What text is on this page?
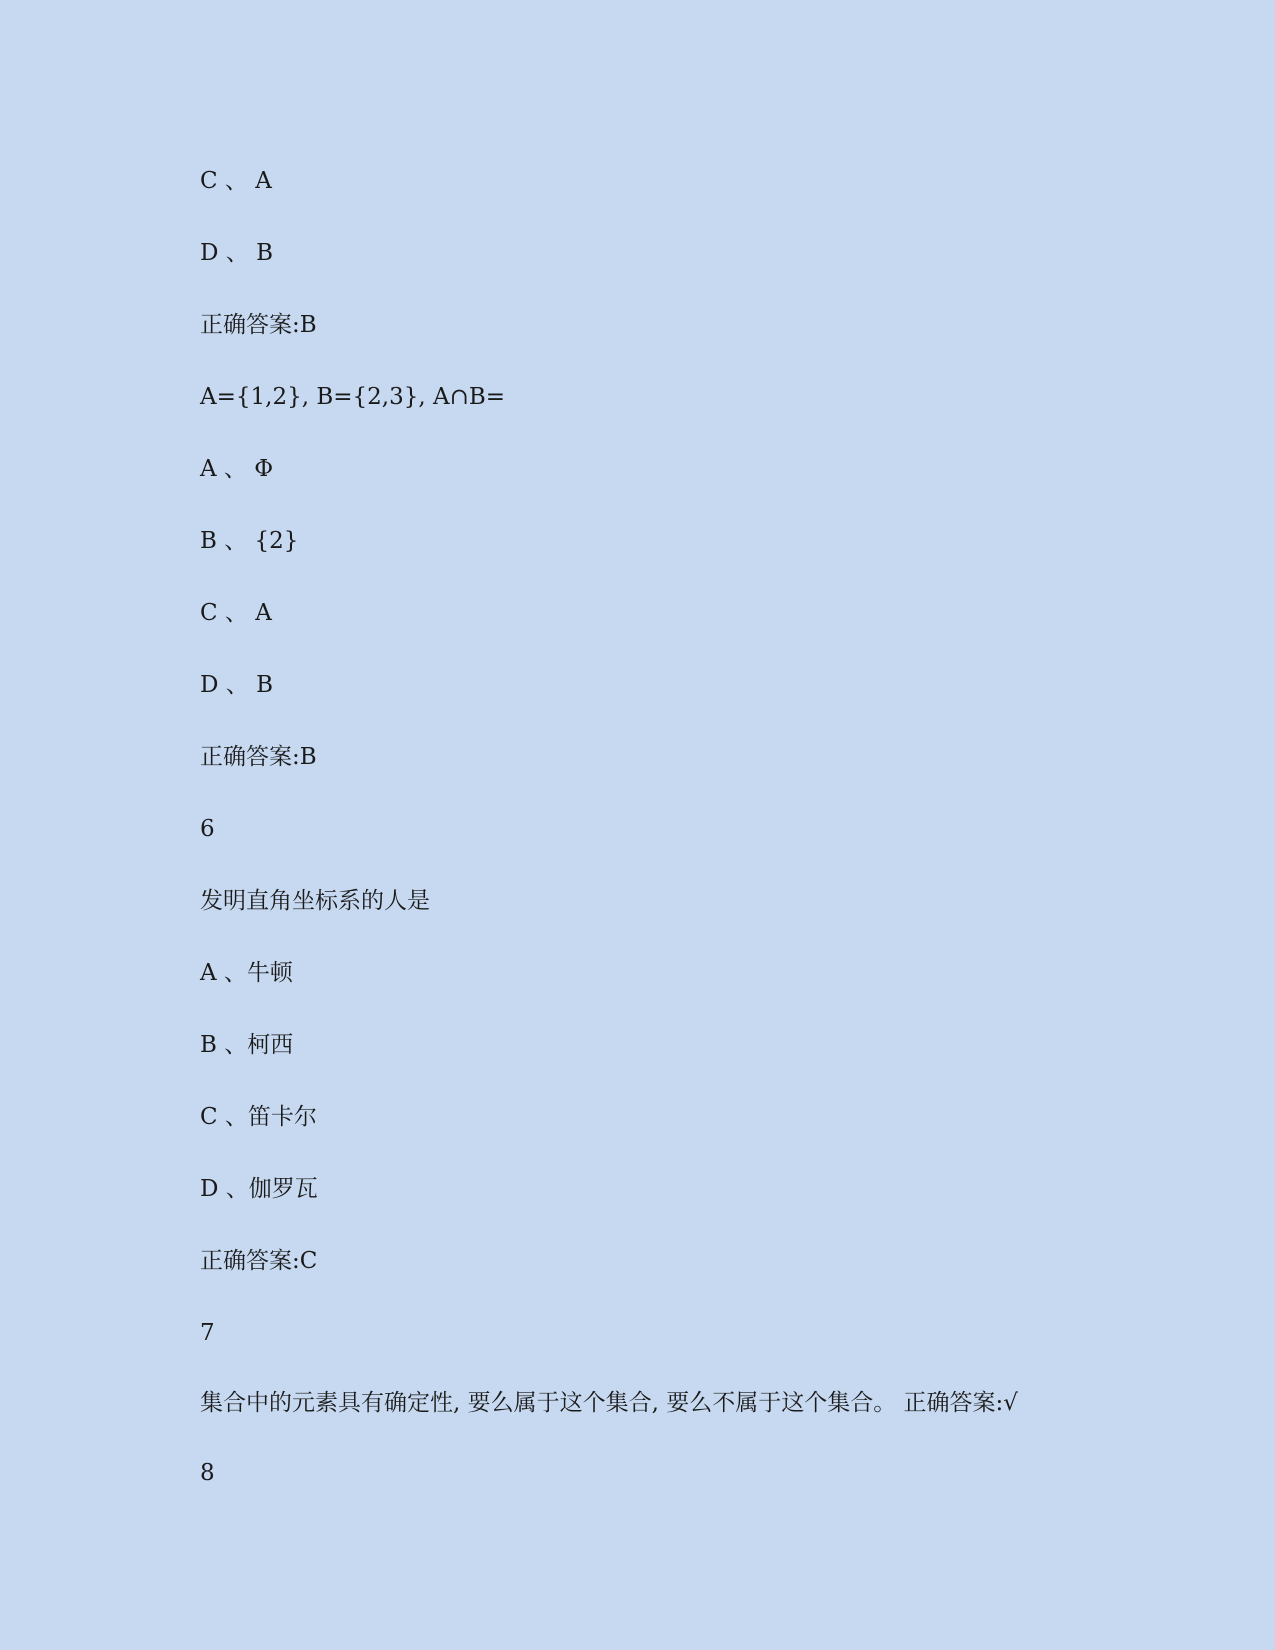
C 、 A
D 、 B
正确答案:B
A={1,2}, B={2,3}, A∩B=
A 、 Φ
B 、 {2}
C 、 A
D 、 B
正确答案:B
6
发明直角坐标系的人是
A 、牛顿
B 、柯西
C 、笛卡尔
D 、伽罗瓦
正确答案:C
7
集合中的元素具有确定性, 要么属于这个集合, 要么不属于这个集合。 正确答案:√
8
